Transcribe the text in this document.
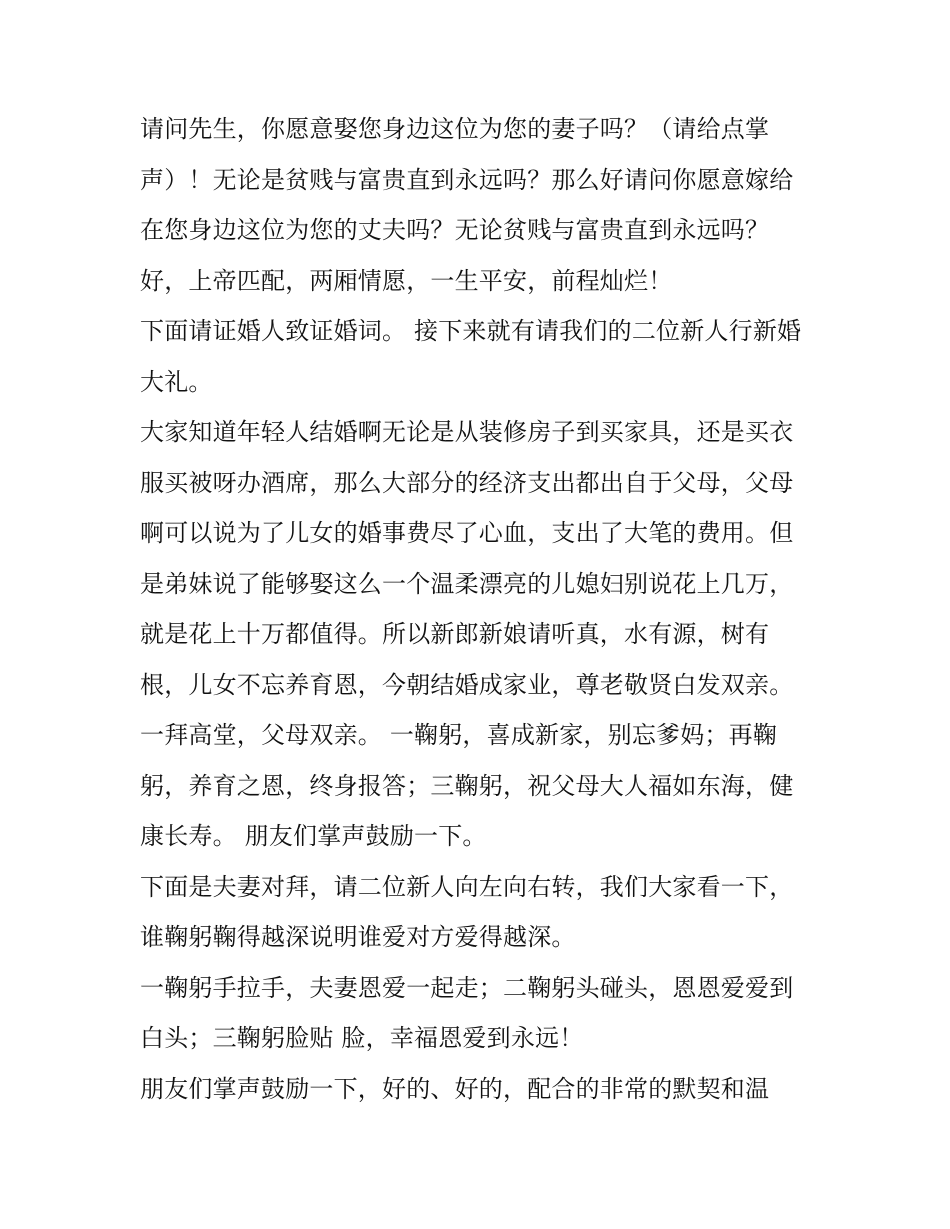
请问先生，你愿意娶您身边这位为您的妻子吗？（请给点掌声）！无论是贫贱与富贵直到永远吗？那么好请问你愿意嫁给在您身边这位为您的丈夫吗？无论贫贱与富贵直到永远吗？

好，上帝匹配，两厢情愿，一生平安，前程灿烂！

下面请证婚人致证婚词。 接下来就有请我们的二位新人行新婚大礼。

大家知道年轻人结婚啊无论是从装修房子到买家具，还是买衣服买被呀办酒席，那么大部分的经济支出都出自于父母，父母啊可以说为了儿女的婚事费尽了心血，支出了大笔的费用。但是弟妹说了能够娶这么一个温柔漂亮的儿媳妇别说花上几万，就是花上十万都值得。所以新郎新娘请听真，水有源，树有根，儿女不忘养育恩，今朝结婚成家业，尊老敬贤白发双亲。

一拜高堂，父母双亲。 一鞠躬，喜成新家，别忘爹妈；再鞠躬，养育之恩，终身报答；三鞠躬，祝父母大人福如东海，健康长寿。 朋友们掌声鼓励一下。

下面是夫妻对拜，请二位新人向左向右转，我们大家看一下，谁鞠躬鞠得越深说明谁爱对方爱得越深。

一鞠躬手拉手，夫妻恩爱一起走；二鞠躬头碰头，恩恩爱爱到白头；三鞠躬脸贴 脸，幸福恩爱到永远！

朋友们掌声鼓励一下，好的、好的，配合的非常的默契和温
